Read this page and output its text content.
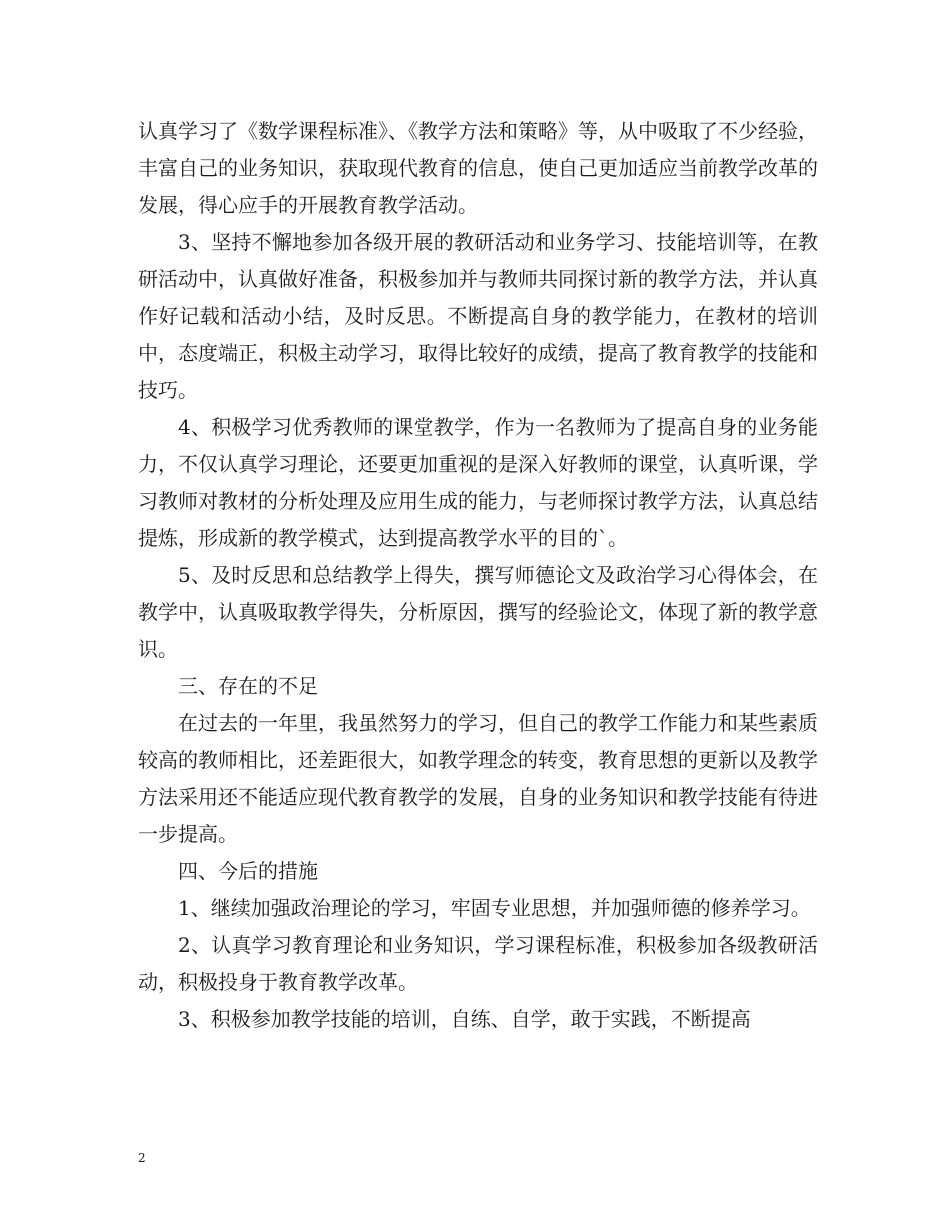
认真学习了《数学课程标准》、《教学方法和策略》等，从中吸取了不少经验，丰富自己的业务知识，获取现代教育的信息，使自己更加适应当前教学改革的发展，得心应手的开展教育教学活动。

3、坚持不懈地参加各级开展的教研活动和业务学习、技能培训等，在教研活动中，认真做好准备，积极参加并与教师共同探讨新的教学方法，并认真作好记载和活动小结，及时反思。不断提高自身的教学能力，在教材的培训中，态度端正，积极主动学习，取得比较好的成绩，提高了教育教学的技能和技巧。

4、积极学习优秀教师的课堂教学，作为一名教师为了提高自身的业务能力，不仅认真学习理论，还要更加重视的是深入好教师的课堂，认真听课，学习教师对教材的分析处理及应用生成的能力，与老师探讨教学方法，认真总结提炼，形成新的教学模式，达到提高教学水平的目的`。

5、及时反思和总结教学上得失，撰写师德论文及政治学习心得体会，在教学中，认真吸取教学得失，分析原因，撰写的经验论文，体现了新的教学意识。

三、存在的不足

在过去的一年里，我虽然努力的学习，但自己的教学工作能力和某些素质较高的教师相比，还差距很大，如教学理念的转变，教育思想的更新以及教学方法采用还不能适应现代教育教学的发展，自身的业务知识和教学技能有待进一步提高。

四、今后的措施

1、继续加强政治理论的学习，牢固专业思想，并加强师德的修养学习。

2、认真学习教育理论和业务知识，学习课程标准，积极参加各级教研活动，积极投身于教育教学改革。

3、积极参加教学技能的培训，自练、自学，敢于实践，不断提高

2
